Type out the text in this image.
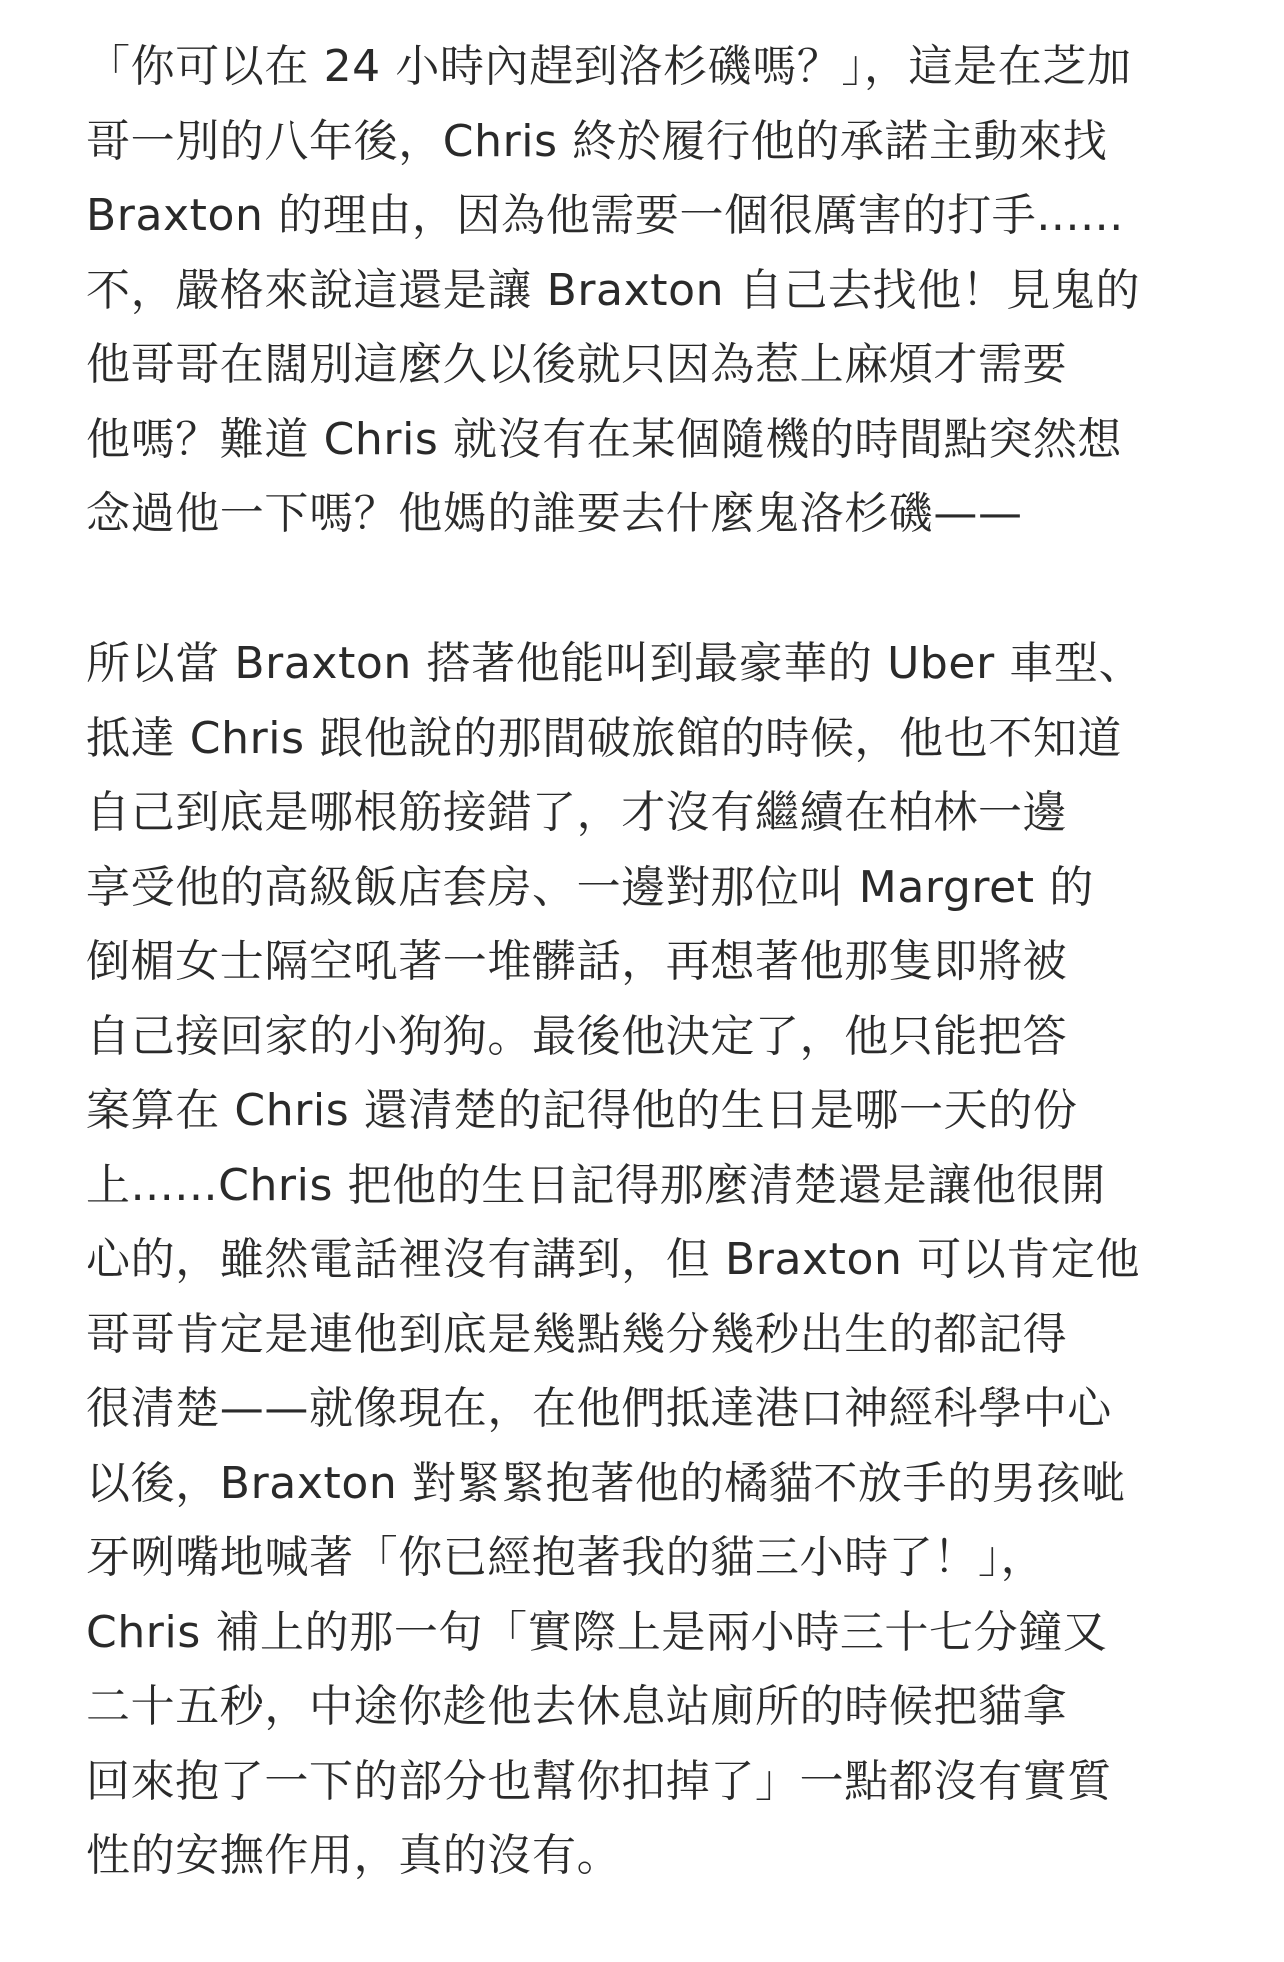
「你可以在 24 小時內趕到洛杉磯嗎？」，這是在芝加
哥一別的八年後，Chris 終於履行他的承諾主動來找
Braxton 的理由，因為他需要一個很厲害的打手......
不，嚴格來說這還是讓 Braxton 自己去找他！見鬼的
他哥哥在闊別這麼久以後就只因為惹上麻煩才需要
他嗎？難道 Chris 就沒有在某個隨機的時間點突然想
念過他一下嗎？他媽的誰要去什麼鬼洛杉磯——

所以當 Braxton 搭著他能叫到最豪華的 Uber 車型、
抵達 Chris 跟他說的那間破旅館的時候，他也不知道
自己到底是哪根筋接錯了，才沒有繼續在柏林一邊
享受他的高級飯店套房、一邊對那位叫 Margret 的
倒楣女士隔空吼著一堆髒話，再想著他那隻即將被
自己接回家的小狗狗。最後他決定了，他只能把答
案算在 Chris 還清楚的記得他的生日是哪一天的份
上......Chris 把他的生日記得那麼清楚還是讓他很開
心的，雖然電話裡沒有講到，但 Braxton 可以肯定他
哥哥肯定是連他到底是幾點幾分幾秒出生的都記得
很清楚——就像現在，在他們抵達港口神經科學中心
以後，Braxton 對緊緊抱著他的橘貓不放手的男孩呲
牙咧嘴地喊著「你已經抱著我的貓三小時了！」，
Chris 補上的那一句「實際上是兩小時三十七分鐘又
二十五秒，中途你趁他去休息站廁所的時候把貓拿
回來抱了一下的部分也幫你扣掉了」一點都沒有實質
性的安撫作用，真的沒有。
